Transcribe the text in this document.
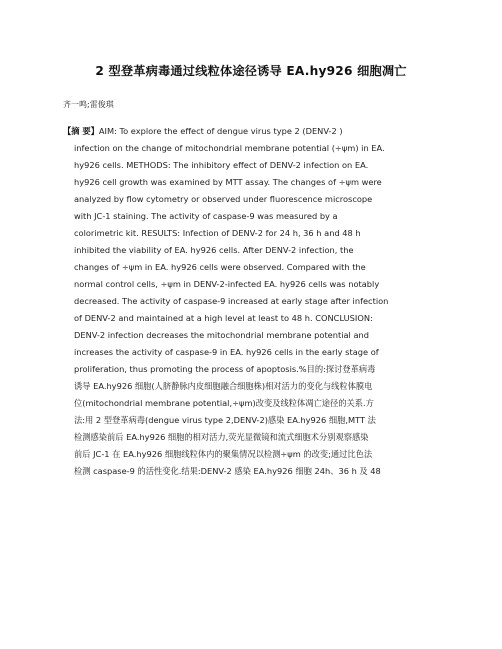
2 型登革病毒通过线粒体途径诱导 EA.hy926 细胞凋亡
齐一鸣;雷俊琪
【摘 要】AIM: To explore the effect of dengue virus type 2 (DENV-2 )
infection on the change of mitochondrial membrane potential (÷ψm) in EA.
hy926 cells. METHODS: The inhibitory effect of DENV-2 infection on EA.
hy926 cell growth was examined by MTT assay. The changes of ÷ψm were
analyzed by flow cytometry or observed under fluorescence microscope
with JC-1 staining. The activity of caspase-9 was measured by a
colorimetric kit. RESULTS: Infection of DENV-2 for 24 h, 36 h and 48 h
inhibited the viability of EA. hy926 cells. After DENV-2 infection, the
changes of ÷ψm in EA. hy926 cells were observed. Compared with the
normal control cells, ÷ψm in DENV-2-infected EA. hy926 cells was notably
decreased. The activity of caspase-9 increased at early stage after infection
of DENV-2 and maintained at a high level at least to 48 h. CONCLUSION:
DENV-2 infection decreases the mitochondrial membrane potential and
increases the activity of caspase-9 in EA. hy926 cells in the early stage of
proliferation, thus promoting the process of apoptosis.%目的:探讨登革病毒
诱导 EA.hy926 细胞(人脐静脉内皮细胞融合细胞株)相对活力的变化与线粒体膜电
位(mitochondrial membrane potential,÷ψm)改变及线粒体凋亡途径的关系.方
法:用 2 型登革病毒(dengue virus type 2,DENV-2)感染 EA.hy926 细胞,MTT 法
检测感染前后 EA.hy926 细胞的相对活力,荧光显微镜和流式细胞术分别观察感染
前后 JC-1 在 EA.hy926 细胞线粒体内的聚集情况以检测÷ψm 的改变;通过比色法
检测 caspase-9 的活性变化.结果:DENV-2 感染 EA.hy926 细胞 24h、36 h 及 48
